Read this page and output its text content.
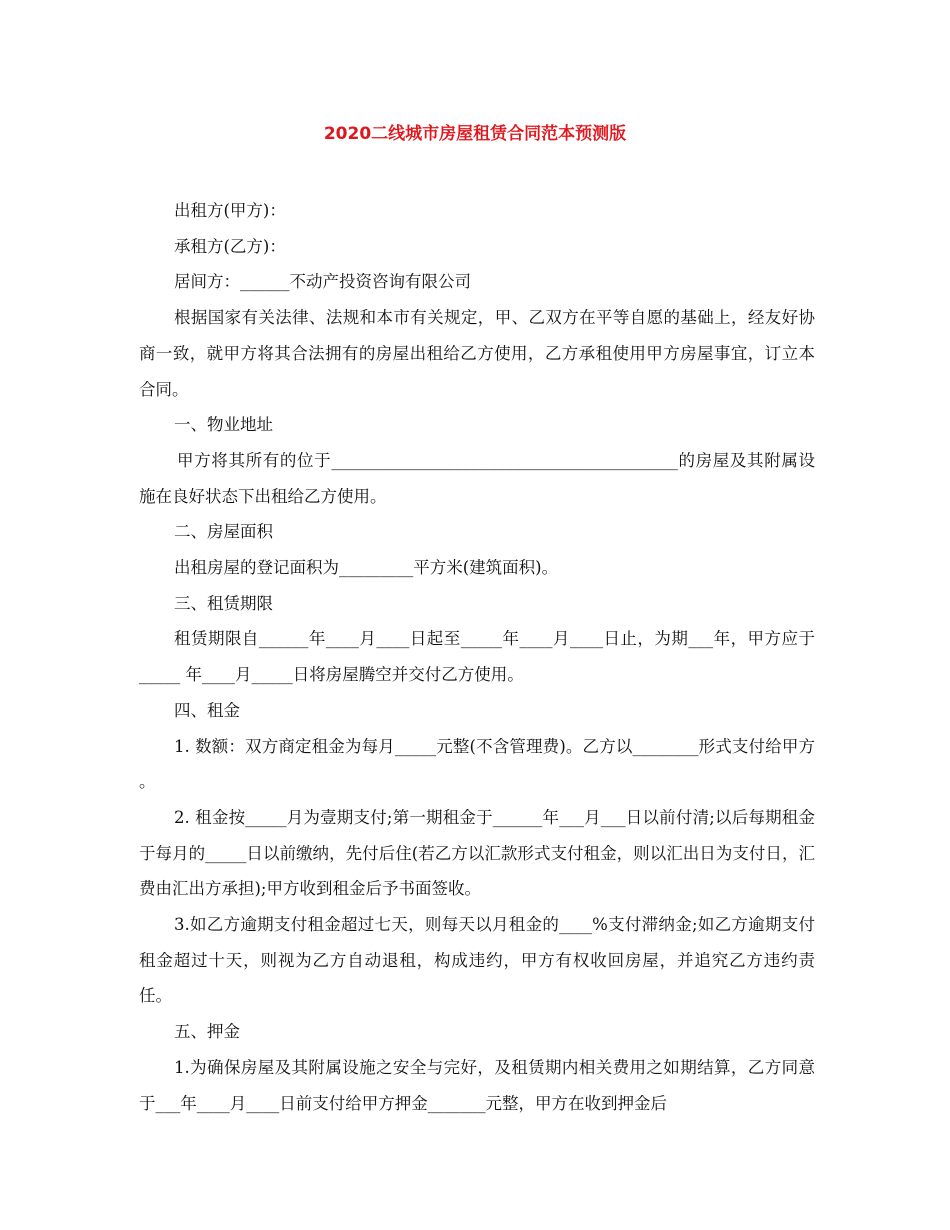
2020二线城市房屋租赁合同范本预测版

出租方(甲方)：

承租方(乙方)：

居间方：______不动产投资咨询有限公司

根据国家有关法律、法规和本市有关规定，甲、乙双方在平等自愿的基础上，经友好协商一致，就甲方将其合法拥有的房屋出租给乙方使用，乙方承租使用甲方房屋事宜，订立本合同。

一、物业地址

甲方将其所有的位于__________________________________________的房屋及其附属设施在良好状态下出租给乙方使用。

二、房屋面积

出租房屋的登记面积为_________平方米(建筑面积)。

三、租赁期限

租赁期限自______年____月____日起至_____年____月____日止，为期___年，甲方应于_____ 年____月_____日将房屋腾空并交付乙方使用。

四、租金

1. 数额：双方商定租金为每月_____元整(不含管理费)。乙方以________形式支付给甲方 。

2. 租金按_____月为壹期支付;第一期租金于______年___月___日以前付清;以后每期租金于每月的_____日以前缴纳，先付后住(若乙方以汇款形式支付租金，则以汇出日为支付日，汇费由汇出方承担);甲方收到租金后予书面签收。

3.如乙方逾期支付租金超过七天，则每天以月租金的____%支付滞纳金;如乙方逾期支付租金超过十天，则视为乙方自动退租，构成违约，甲方有权收回房屋，并追究乙方违约责任。

五、押金

1.为确保房屋及其附属设施之安全与完好，及租赁期内相关费用之如期结算，乙方同意于___年____月____日前支付给甲方押金_______元整，甲方在收到押金后
